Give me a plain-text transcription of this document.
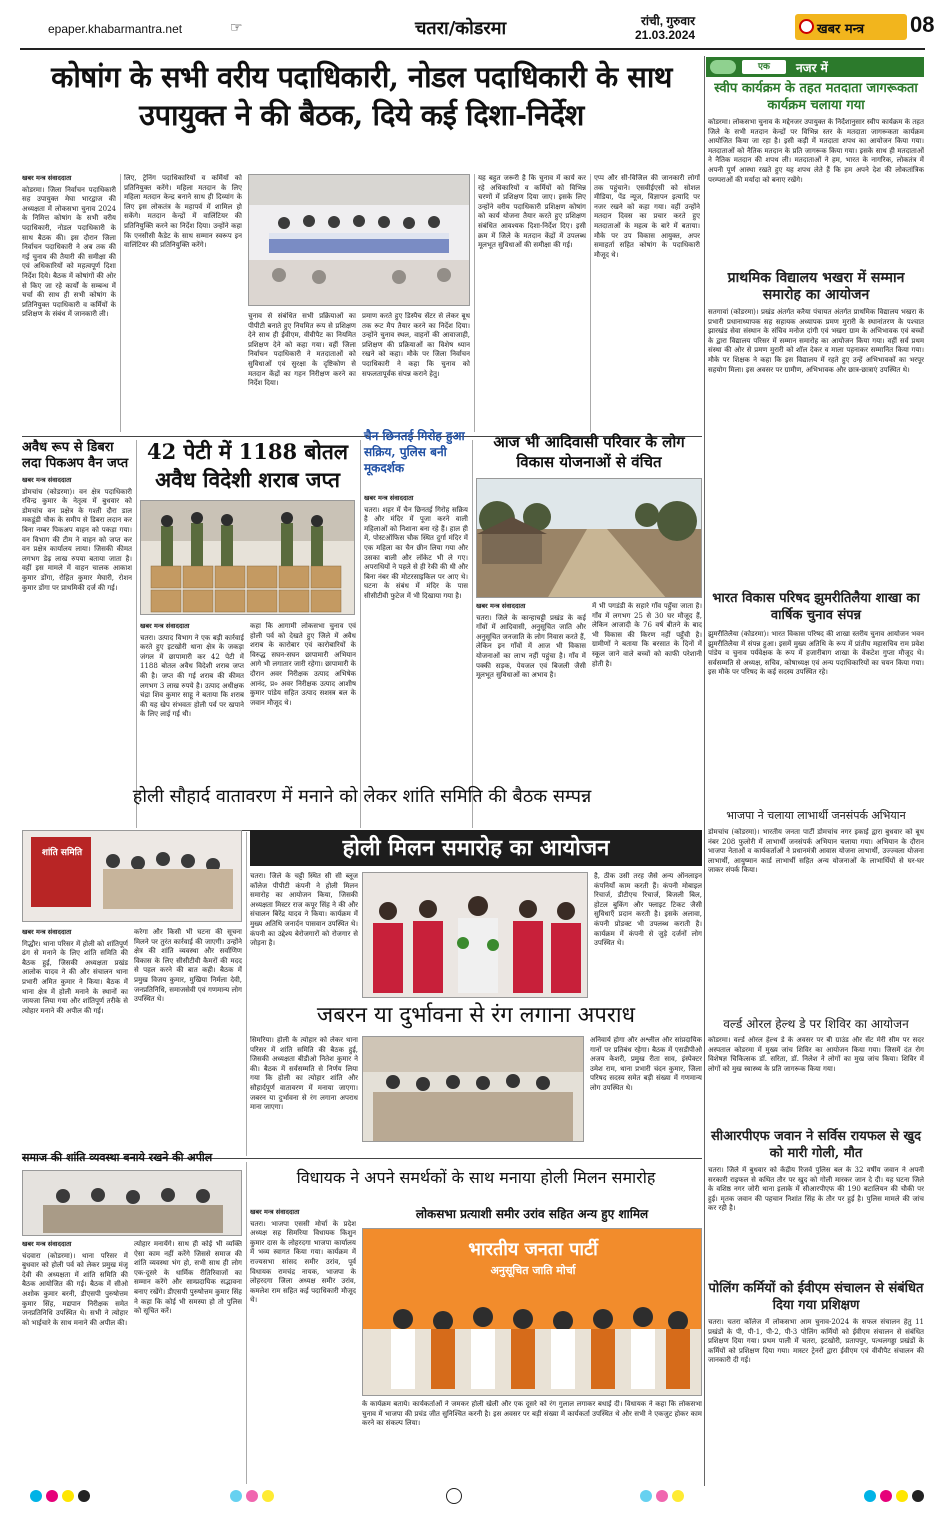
epaper.khabarmantra.net	☞	चतरा/कोडरमा	रांची, गुरुवार
21.03.2024	खबर मन्त्र	08
कोषांग के सभी वरीय पदाधिकारी, नोडल पदाधिकारी के साथ उपायुक्त ने की बैठक, दिये कई दिशा-निर्देश
खबर मन्त्र संवाददाता
कोडरमा। जिला निर्वाचन पदाधिकारी सह उपायुक्त मेघा भारद्वाज की अध्यक्षता में लोकसभा चुनाव 2024 के निमित्त कोषांग के सभी वरीय पदाधिकारी, नोडल पदाधिकारी के साथ बैठक की। इस दौरान जिला निर्वाचन पदाधिकारी ने अब तक की गई चुनाव की तैयारी की समीक्षा की एवं अधिकारियों को महत्वपूर्ण दिशा निर्देश दिये। बैठक में कोषांगों की ओर से किए जा रहे कार्यों के सम्बन्ध में चर्चा की साथ ही सभी कोषांग के प्रतिनियुक्त पदाधिकारी व कर्मियों के प्रशिक्षण के संबंध में जानकारी ली।
लिए, ट्रेनिंग पदाधिकारियों व कर्मियों को प्रतिनियुक्त करेंगे। महिला मतदान के लिए महिला मतदान केन्द्र बनाने साथ ही दिव्यांग के लिए इस लोकतंत्र के महापर्व में शामिल हो सकेंगे। मतदान केन्द्रों में वालिंटियर की प्रतिनियुक्ति करने का निर्देश दिया। उन्होंने कहा कि एनसीसी कैडेट के साथ सम्मान स्वरूप इन वालिंटियर की प्रतिनियुक्ति करेंगे।
चुनाव से संबंधित सभी प्रक्रियाओं का पीपीटी बनाते हुए नियमित रूप से प्रशिक्षण देने साथ ही ईवीएम, वीवीपैट का नियमित प्रशिक्षण देने को कहा गया। वहीं जिला निर्वाचन पदाधिकारी ने मतदाताओं को सुविधाओं एवं सुरक्षा के दृष्टिकोण से मतदान केंद्रों का गहन निरीक्षण करने का निर्देश दिया।
प्रमाण करते हुए डिस्पैच सेंटर से लेकर बूथ तक रूट मैप तैयार करने का निर्देश दिया। उन्होंने चुनाव स्थल, वाहनों की आवाजाही, प्रशिक्षण की प्रक्रियाओं का विशेष ध्यान रखने को कहा। मौके पर जिला निर्वाचन पदाधिकारी ने कहा कि चुनाव को सफलतापूर्वक संपन्न कराने हेतु।
यह बहुत जरूरी है कि चुनाव में कार्य कर रहे अधिकारियों व कर्मियों को विभिन्न चरणों में प्रशिक्षण दिया जाए। इसके लिए उन्होंने वरीय पदाधिकारी प्रशिक्षण कोषांग को कार्य योजना तैयार करते हुए प्रशिक्षण संबंधित आवश्यक दिशा-निर्देश दिए। इसी क्रम में जिले के मतदान केंद्रों में उपलब्ध मूलभूत सुविधाओं की समीक्षा की गई।
एप्प और सी-विजिल की जानकारी लोगों तक पहुंचाने। एसवीईएसी को सोशल मीडिया, पेंड न्यूज, विज्ञापन इत्यादि पर नजर रखने को कहा गया। वहीं उन्होंने मतदान दिवस का प्रचार करते हुए मतदाताओं के महत्व के बारे में बताया। मौके पर उप विकास आयुक्त, अपर समाहर्ता सहित कोषांग के पदाधिकारी मौजूद थे।
अवैध रूप से डिबरा लदा पिकअप वैन जप्त
खबर मन्त्र संवाददाता
डोमचांच (कोडरमा)। वन क्षेत्र पदाधिकारी रविन्द्र कुमार के नेतृत्व में बुधवार को डोमचांच वन प्रक्षेत्र के गश्ती दौरा डाल मकडूंडी चौक के समीप से डिबरा लदान कर बिना नम्बर पिकअप वाहन को पकड़ा गया। वन विभाग की टीम ने वाहन को जप्त कर वन प्रक्षेत्र कार्यालय लाया। जिसकी कीमत लगभग डेढ़ लाख रुपया बताया जाता है। वहीं इस मामले में वाहन चालक आकाश कुमार डोंगा, रोहित कुमार मेघारी, रोशन कुमार डोंगा पर प्राथमिकी दर्ज की गई।
42 पेटी में 1188 बोतल अवैध विदेशी शराब जप्त
खबर मन्त्र संवाददाता
चतरा। उत्पाद विभाग ने एक बड़ी कार्रवाई करते हुए इटखोरी थाना क्षेत्र के जकड़ा जंगल में छापामारी कर 42 पेटी में 1188 बोतल अवैध विदेशी शराब जप्त की है। जप्त की गई शराब की कीमत लगभग 3 लाख रुपये है। उत्पाद अधीक्षक चंद्रा शिव कुमार साहू ने बताया कि शराब की यह खेप संभवतः होली पर्व पर खपाने के लिए लाई गई थी।
कहा कि आगामी लोकसभा चुनाव एवं होली पर्व को देखते हुए जिले में अवैध शराब के कारोबार एवं कारोबारियों के विरुद्ध सघन-सघन छापामारी अभियान आगे भी लगातार जारी रहेगा। छापामारी के दौरान अवर निरीक्षक उत्पाद अभिषेक आनंद, प्र० अवर निरीक्षक उत्पाद आशीष कुमार पांडेय सहित उत्पाद सशस्त्र बल के जवान मौजूद थे।
चैन छिनतई गिरोह हुआ सक्रिय, पुलिस बनी मूकदर्शक
खबर मन्त्र संवाददाता
चतरा। शहर में चैन छिनतई गिरोह सक्रिय है और मंदिर में पूजा करने वाली महिलाओं को निशाना बना रहे हैं। हाल ही में, पोस्टऑफिस चौक स्थित दुर्गा मंदिर में एक महिला का चैन छीन लिया गया और उसका बाली और लॉकेट भी ले गए। अपराधियों ने पहले से ही रेकी की थी और बिना नंबर की मोटरसाइकिल पर आए थे। घटना के संबंध में मंदिर के पास सीसीटीवी फुटेज में भी दिखाया गया है।
आज भी आदिवासी परिवार के लोग विकास योजनाओं से वंचित
खबर मन्त्र संवाददाता
चतरा। जिले के कान्हाचट्टी प्रखंड के कई गाँवों में आदिवासी, अनुसूचित जाति और अनुसूचित जनजाति के लोग निवास करते हैं, लेकिन इन गाँवों में आज भी विकास योजनाओं का लाभ नहीं पहुंचा है। गाँव में पक्की सड़क, पेयजल एवं बिजली जैसी मूलभूत सुविधाओं का अभाव है।
में भी पगडंडी के सहारे गाँव पहुँचा जाता है। गाँव में लगभग 25 से 30 घर मौजूद हैं, लेकिन आजादी के 76 वर्ष बीतने के बाद भी विकास की किरण नहीं पहुँची है। ग्रामीणों ने बताया कि बरसात के दिनों में स्कूल जाने वाले बच्चों को काफी परेशानी होती है।
होली सौहार्द वातावरण में मनाने को लेकर शांति समिति की बैठक सम्पन्न
शांति समिति
खबर मन्त्र संवाददाता
गिद्धौर। थाना परिसर में होली को शांतिपूर्ण ढंग से मनाने के लिए शांति समिति की बैठक हुई, जिसकी अध्यक्षता प्रखंड आलोक यादव ने की और संचालन थाना प्रभारी अमित कुमार ने किया। बैठक में थाना क्षेत्र में होली मनाने के स्थानों का जायजा लिया गया और शांतिपूर्ण तरीके से त्योहार मनाने की अपील की गई।
करेगा और किसी भी घटना की सूचना मिलने पर तुरंत कार्रवाई की जाएगी। उन्होंने क्षेत्र की शांति व्यवस्था और सर्वाणिण विकास के लिए सीसीटीवी कैमरों की मदद से पहल करने की बात कही। बैठक में प्रमुख विजय कुमार, मुखिया निर्मला देवी, जनप्रतिनिधि, समाजसेवी एवं गणमान्य लोग उपस्थित थे।
होली मिलन समारोह का आयोजन
चतरा। जिले के चट्टी स्थित सी सी ब्लूज कॉलेज पीपीटी कंपनी ने होली मिलन समारोह का आयोजन किया, जिसकी अध्यक्षता मिस्टर राज कपूर सिंह ने की और संचालन बिरेंद्र यादव ने किया। कार्यक्रम में मुख्य अतिथि जनार्दन पासवान उपस्थित थे। कंपनी का उद्देश्य बेरोजगारों को रोजगार से जोड़ना है।
है, ठीक उसी तरह जैसे अन्य ऑनलाइन कंपनियाँ काम करती हैं। कंपनी मोबाइल रिचार्ज, डीटीएच रिचार्ज, बिजली बिल, होटल बुकिंग और फ्लाइट टिकट जैसी सुविधाएँ प्रदान करती है। इसके अलावा, कंपनी प्रोडक्ट भी उपलब्ध कराती है। कार्यक्रम में कंपनी से जुड़े दर्जनों लोग उपस्थित थे।
जबरन या दुर्भावना से रंग लगाना अपराध
सिमरिया। होली के त्योहार को लेकर थाना परिसर में शांति समिति की बैठक हुई, जिसकी अध्यक्षता बीडीओ नितेश कुमार ने की। बैठक में सर्वसम्मति से निर्णय लिया गया कि होली का त्योहार शांति और सौहार्दपूर्ण वातावरण में मनाया जाएगा। जबरन या दुर्भावना से रंग लगाना अपराध माना जाएगा।
अनिवार्य होगा और अश्लील और सांप्रदायिक गानों पर प्रतिबंध रहेगा। बैठक में एसडीपीओ अजय केशरी, प्रमुख रीता साव, इंस्पेक्टर उमेश राम, थाना प्रभारी चंदन कुमार, जिला परिषद सदस्य समेत बड़ी संख्या में गणमान्य लोग उपस्थित थे।
समाज की शांति व्यवस्था बनाये रखने की अपील
खबर मन्त्र संवाददाता
चंदवारा (कोडरमा)। थाना परिसर में बुधवार को होली पर्व को लेकर प्रमुख मंजू देवी की अध्यक्षता में शांति समिति की बैठक आयोजित की गई। बैठक में सीओ अशोक कुमार बरनी, डीएसपी पुरुषोत्तम कुमार सिंह, मद्यपान निरीक्षक समेत जनप्रतिनिधि उपस्थित थे। सभी ने त्योहार को भाईचारे के साथ मनाने की अपील की।
त्योहार मनायेंगे। साथ ही कोई भी व्यक्ति ऐसा काम नहीं करेंगे जिससे समाज की शांति व्यवस्था भंग हो, सभी साथ ही लोग एक-दूसरे के धार्मिक रीतिरिवाजों का सम्मान करेंगे और साम्प्रदायिक सद्भावना बनाए रखेंगे। डीएसपी पुरुषोत्तम कुमार सिंह ने कहा कि कोई भी समस्या हो तो पुलिस को सूचित करें।
विधायक ने अपने समर्थकों के साथ मनाया होली मिलन समारोह
लोकसभा प्रत्याशी समीर उरांव सहित अन्य हुए शामिल
खबर मन्त्र संवाददाता
चतरा। भाजपा एससी मोर्चा के प्रदेश अध्यक्ष सह सिमरिया विधायक किशुन कुमार दास के लोहरदगा भाजपा कार्यालय में भव्य स्वागत किया गया। कार्यक्रम में राज्यसभा सांसद समीर उरांव, पूर्व विधायक रामचंद्र नायक, भाजपा के लोहरदगा जिला अध्यक्ष समीर उरांव, कमलेश राम सहित कई पदाधिकारी मौजूद थे।
भारतीय जनता पार्टी
अनुसूचित जाति मोर्चा
के कार्यक्रम बताये। कार्यकर्ताओं ने जमकर होली खेली और एक दूसरे को रंग गुलाल लगाकर बधाई दी। विधायक ने कहा कि लोकसभा चुनाव में भाजपा की प्रचंड जीत सुनिश्चित करनी है। इस अवसर पर बड़ी संख्या में कार्यकर्ता उपस्थित थे और सभी ने एकजुट होकर काम करने का संकल्प लिया।
एक	नजर में
स्वीप कार्यक्रम के तहत मतदाता जागरूकता कार्यक्रम चलाया गया
कोडरमा। लोकसभा चुनाव के मद्देनजर उपायुक्त के निर्देशानुसार स्वीप कार्यक्रम के तहत जिले के सभी मतदान केन्द्रों पर विभिन्न स्तर के मतदाता जागरूकता कार्यक्रम आयोजित किया जा रहा है। इसी कड़ी में मतदाता शपथ का आयोजन किया गया। मतदाताओं को नैतिक मतदान के प्रति जागरूक किया गया। इसके साथ ही मतदाताओं ने नैतिक मतदान की शपथ ली। मतदाताओं ने हम, भारत के नागरिक, लोकतंत्र में अपनी पूर्ण आस्था रखते हुए यह शपथ लेते हैं कि हम अपने देश की लोकतांत्रिक परम्पराओं की मर्यादा को बनाए रखेंगे।
प्राथमिक विद्यालय भखरा में सम्मान समारोह का आयोजन
सतगावां (कोडरमा)। प्रखंड अंतर्गत करैया पंचायत अंतर्गत प्राथमिक विद्यालय भखरा के प्रभारी प्रधानाध्यापक सह सहायक अध्यापक प्रमण मुरारी के स्थानांतरण के पश्चात झारखंड सेवा संस्थान के संचिव मनोज दांगी एवं भखरा ग्राम के अभिभावक एवं बच्चों के द्वारा विद्यालय परिसर में सम्मान समारोह का आयोजन किया गया। वहीं सर्व प्रथम संस्था की ओर से प्रमण मुरारी को शॉल देकर व माला पहनाकर सम्मानित किया गया। मौके पर शिक्षक ने कहा कि इस विद्यालय में रहते हुए उन्हें अभिभावकों का भरपूर सहयोग मिला। इस अवसर पर ग्रामीण, अभिभावक और छात्र-छात्राएं उपस्थित थे।
भारत विकास परिषद झुमरीतिलैया शाखा का वार्षिक चुनाव संपन्न
झुमरीतिलैया (कोडरमा)। भारत विकास परिषद की शाखा स्तरीय चुनाव आयोजन भवन झुमरीतिलैया में संपन्न हुआ। इसमें मुख्य अतिथि के रूप में प्रांतीय महासचिव राम प्रवेश पांडेय व चुनाव पर्यवेक्षक के रूप में हजारीबाग शाखा के वेंकटेश गुप्ता मौजूद थे। सर्वसम्मति से अध्यक्ष, सचिव, कोषाध्यक्ष एवं अन्य पदाधिकारियों का चयन किया गया। इस मौके पर परिषद के कई सदस्य उपस्थित रहे।
भाजपा ने चलाया लाभार्थी जनसंपर्क अभियान
डोमचांच (कोडरमा)। भारतीय जनता पार्टी डोमचांच नगर इकाई द्वारा बुधवार को बूथ नंबर 208 फुलोरी में लाभार्थी जनसंपर्क अभियान चलाया गया। अभियान के दौरान भाजपा नेताओं व कार्यकर्ताओं ने प्रधानमंत्री आवास योजना लाभार्थी, उज्ज्वला योजना लाभार्थी, आयुष्मान कार्ड लाभार्थी सहित अन्य योजनाओं के लाभार्थियों से घर-घर जाकर संपर्क किया।
वर्ल्ड ओरल हेल्थ डे पर शिविर का आयोजन
कोडरमा। वर्ल्ड ओरल हेल्थ डे के अवसर पर बी ग्राउंड और सेंट मेरी सीम पर सदर अस्पताल कोडरमा में मुख्य जांच शिविर का आयोजन किया गया। जिसमें दंत रोग विशेषज्ञ चिकित्सक डॉ. सरिता, डॉ. निलेश ने लोगों का मुख जांच किया। शिविर में लोगों को मुख स्वास्थ्य के प्रति जागरूक किया गया।
सीआरपीएफ जवान ने सर्विस रायफल से खुद को मारी गोली, मौत
चतरा। जिले में बुधवार को केंद्रीय रिजर्व पुलिस बल के 32 वर्षीय जवान ने अपनी सरकारी राइफल से कथित तौर पर खुद को गोली मारकर जान दे दी। यह घटना जिले के वशिष्ठ नगर जोरी थाना इलाके में सीआरपीएफ की 190 बटालियन की चौकी पर हुई। मृतक जवान की पहचान निशांत सिंह के तौर पर हुई है। पुलिस मामले की जांच कर रही है।
पोलिंग कर्मियों को ईवीएम संचालन से संबंधित दिया गया प्रशिक्षण
चतरा। चतरा कॉलेज में लोकसभा आम चुनाव-2024 के सफल संचालन हेतु 11 प्रखंडों के पी, पी-1, पी-2, पी-3 पोलिंग कर्मियों को ईवीएम संचालन से संबंधित प्रशिक्षण दिया गया। प्रथम पाली में चतरा, इटखोरी, प्रतापपुर, पत्थलगड्डा प्रखंडों के कर्मियों को प्रशिक्षण दिया गया। मास्टर ट्रेनरों द्वारा ईवीएम एवं वीवीपैट संचालन की जानकारी दी गई।
